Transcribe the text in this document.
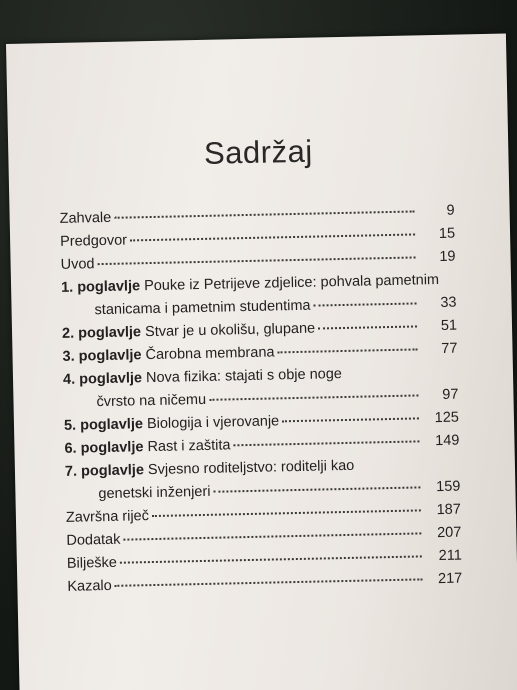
Sadržaj
Zahvale	9
Predgovor	15
Uvod	19
1. poglavlje Pouke iz Petrijeve zdjelice: pohvala pametnim
stanicama i pametnim studentima	33
2. poglavlje Stvar je u okolišu, glupane	51
3. poglavlje Čarobna membrana	77
4. poglavlje Nova fizika: stajati s obje noge
čvrsto na ničemu	97
5. poglavlje Biologija i vjerovanje	125
6. poglavlje Rast i zaštita	149
7. poglavlje Svjesno roditeljstvo: roditelji kao
genetski inženjeri	159
Završna riječ	187
Dodatak	207
Bilješke	211
Kazalo	217
